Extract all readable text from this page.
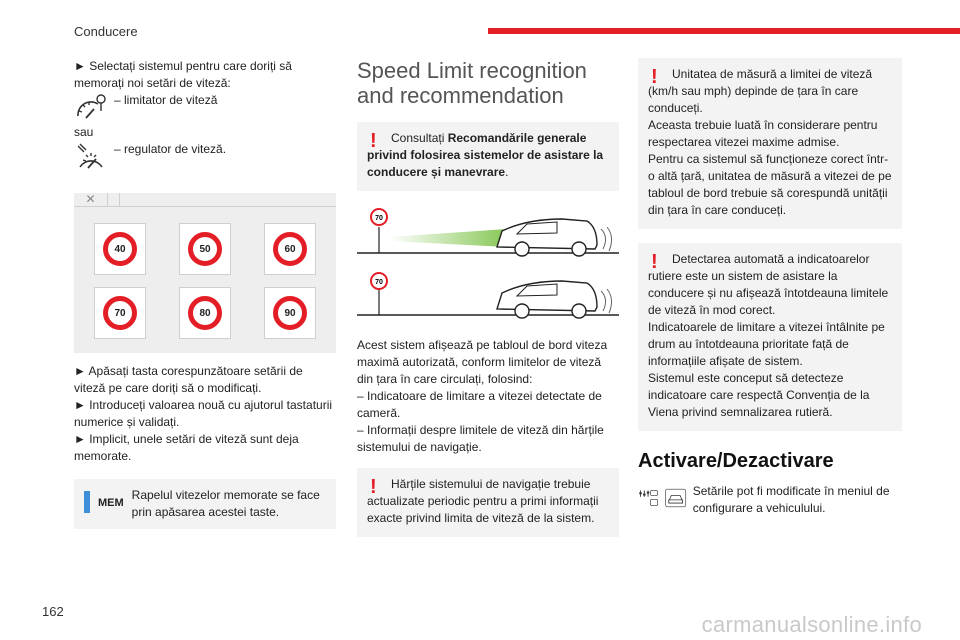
Conducere

► Selectați sistemul pentru care doriți să memorați noi setări de viteză:

– limitator de viteză

sau

– regulator de viteză.
✕
40	50	60
70	80	90

► Apăsați tasta corespunzătoare setării de viteză pe care doriți să o modificați.

► Introduceți valoarea nouă cu ajutorul tastaturii numerice și validați.

► Implicit, unele setări de viteză sunt deja memorate.

MEM
Rapelul vitezelor memorate se face prin apăsarea acestei taste.
Speed Limit recognition and recommendation
!	Consultați Recomandările generale privind folosirea sistemelor de asistare la conducere și manevrare.

70
70

Acest sistem afișează pe tabloul de bord viteza maximă autorizată, conform limitelor de viteză din țara în care circulați, folosind:

– Indicatoare de limitare a vitezei detectate de cameră.

– Informații despre limitele de viteză din hărțile sistemului de navigație.

!	Hărțile sistemului de navigație trebuie actualizate periodic pentru a primi informații exacte privind limita de viteză de la sistem.

!	Unitatea de măsură a limitei de viteză (km/h sau mph) depinde de țara în care conduceți.

Aceasta trebuie luată în considerare pentru respectarea vitezei maxime admise.

Pentru ca sistemul să funcționeze corect într-o altă țară, unitatea de măsură a vitezei de pe tabloul de bord trebuie să corespundă unității din țara în care conduceți.

!	Detectarea automată a indicatoarelor rutiere este un sistem de asistare la conducere și nu afișează întotdeauna limitele de viteză în mod corect.

Indicatoarele de limitare a vitezei întâlnite pe drum au întotdeauna prioritate față de informațiile afișate de sistem.

Sistemul este conceput să detecteze indicatoare care respectă Convenția de la Viena privind semnalizarea rutieră.

Activare/Dezactivare
Setările pot fi modificate în meniul de configurare a vehiculului.
162
carmanualsonline.info
